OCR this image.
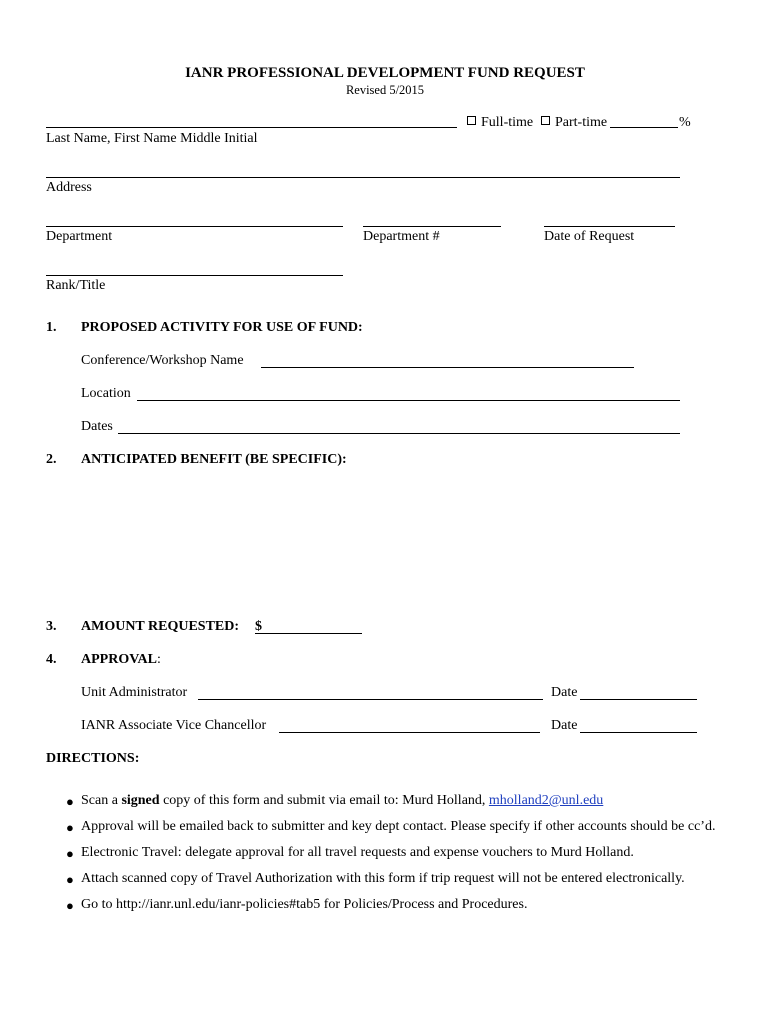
IANR PROFESSIONAL DEVELOPMENT FUND REQUEST
Revised 5/2015
Full-time	Part-time	%
Last Name, First Name Middle Initial
Address
Department	Department #	Date of Request
Rank/Title
1. PROPOSED ACTIVITY FOR USE OF FUND:
Conference/Workshop Name
Location
Dates
2. ANTICIPATED BENEFIT (BE SPECIFIC):
3. AMOUNT REQUESTED: $
4. APPROVAL:
Unit Administrator	Date
IANR Associate Vice Chancellor	Date
DIRECTIONS:
● Scan a signed copy of this form and submit via email to: Murd Holland, mholland2@unl.edu
● Approval will be emailed back to submitter and key dept contact. Please specify if other accounts should be cc’d.
● Electronic Travel: delegate approval for all travel requests and expense vouchers to Murd Holland.
● Attach scanned copy of Travel Authorization with this form if trip request will not be entered electronically.
● Go to http://ianr.unl.edu/ianr-policies#tab5 for Policies/Process and Procedures.
